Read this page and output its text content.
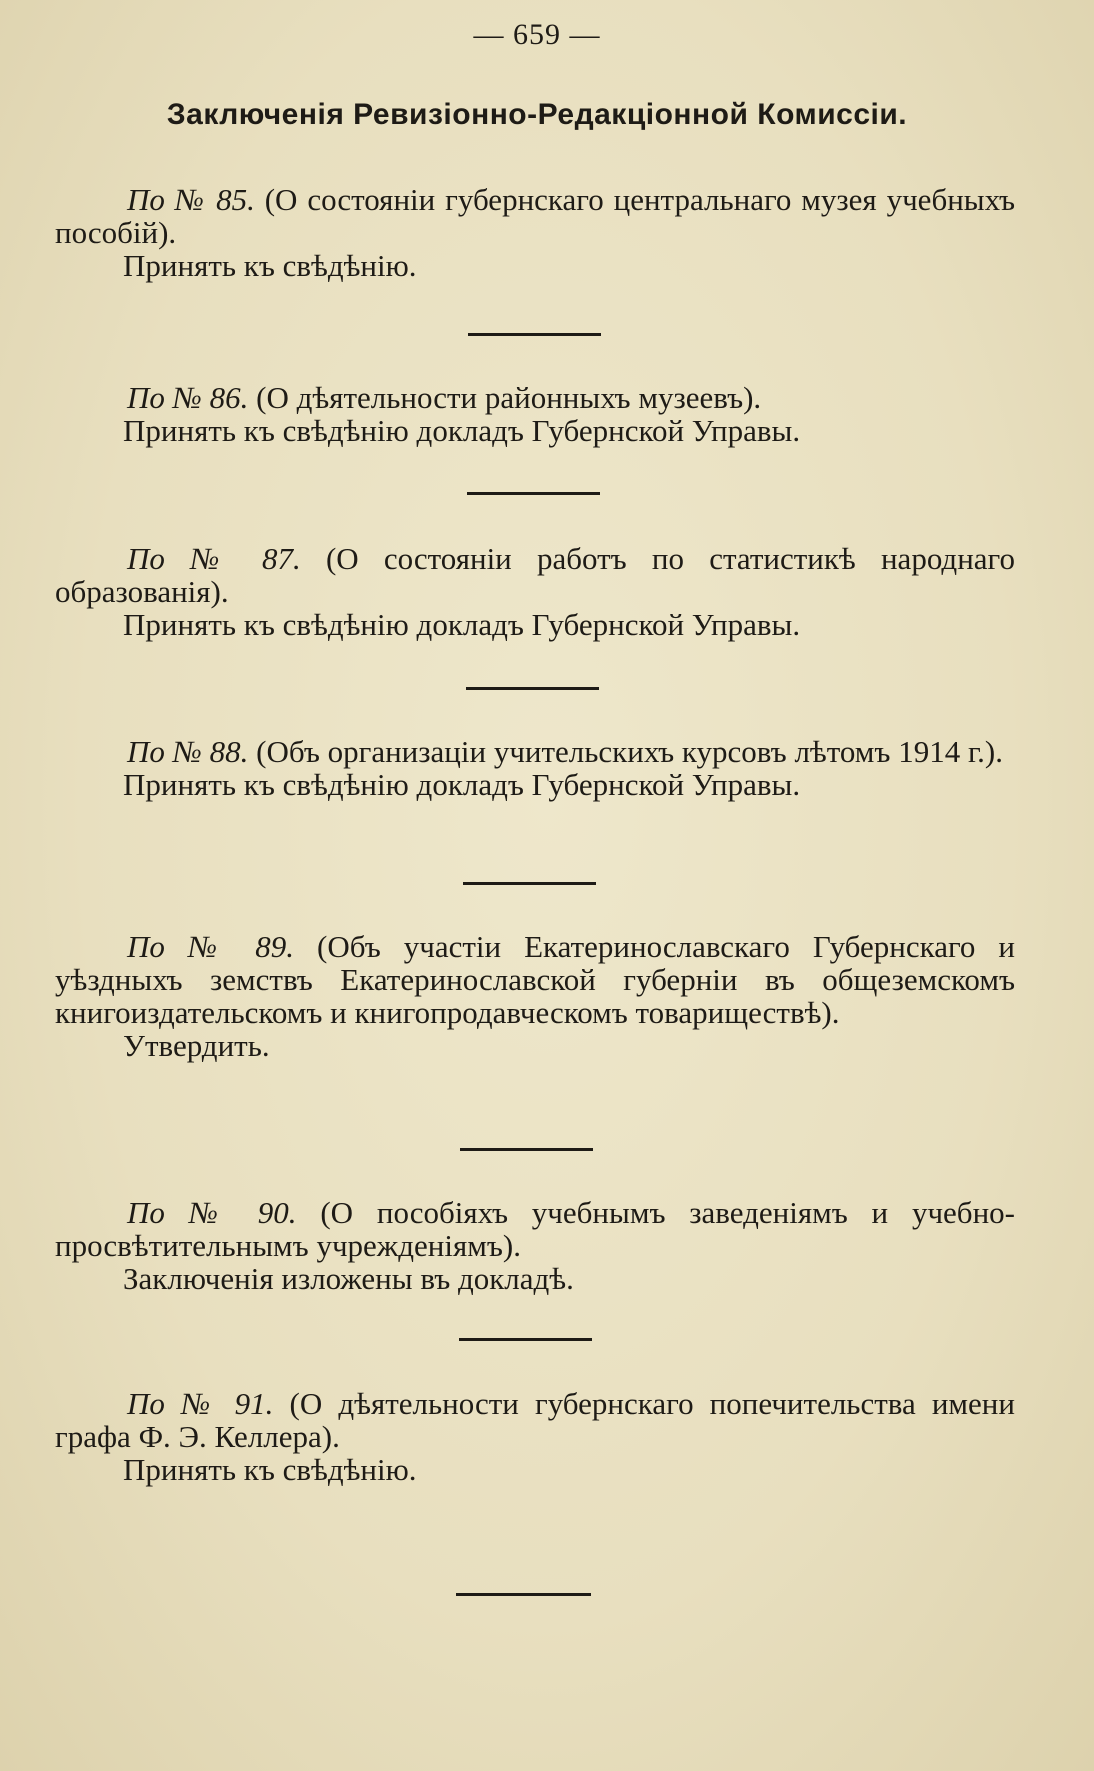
— 659 —
Заключенія Ревизіонно-Редакціонной Комиссіи.

По № 85. (О состояніи губернскаго центральнаго музея учебныхъ пособій).

Принять къ свѣдѣнію.

По № 86. (О дѣятельности районныхъ музеевъ).

Принять къ свѣдѣнію докладъ Губернской Управы.

По № 87. (О состояніи работъ по статистикѣ народнаго образованія).

Принять къ свѣдѣнію докладъ Губернской Управы.

По № 88. (Объ организаціи учительскихъ курсовъ лѣтомъ 1914 г.).

Принять къ свѣдѣнію докладъ Губернской Управы.

По № 89. (Объ участіи Екатеринославскаго Губернскаго и уѣздныхъ земствъ Екатеринославской губерніи въ общеземскомъ книгоиздательскомъ и книгопродавческомъ товариществѣ).

Утвердить.

По № 90. (О пособіяхъ учебнымъ заведеніямъ и учебно-просвѣтительнымъ учрежденіямъ).

Заключенія изложены въ докладѣ.

По № 91. (О дѣятельности губернскаго попечительства имени графа Ф. Э. Келлера).

Принять къ свѣдѣнію.
